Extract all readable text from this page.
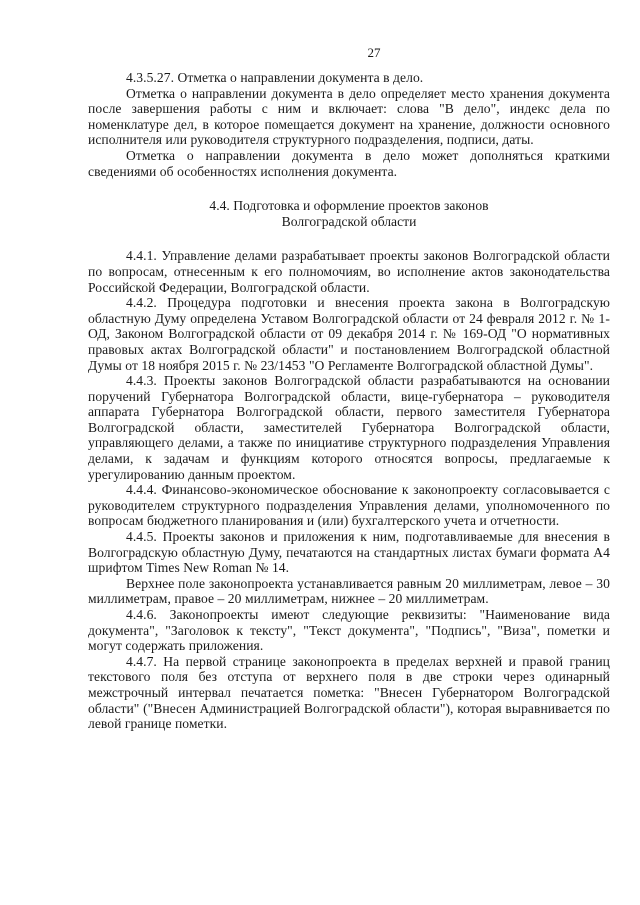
27

4.3.5.27. Отметка о направлении документа в дело.

Отметка о направлении документа в дело определяет место хранения документа после завершения работы с ним и включает: слова "В дело", индекс дела по номенклатуре дел, в которое помещается документ на хранение, должности основного исполнителя или руководителя структурного подразделения, подписи, даты.

Отметка о направлении документа в дело может дополняться краткими сведениями об особенностях исполнения документа.

4.4. Подготовка и оформление проектов законов
Волгоградской области

4.4.1. Управление делами разрабатывает проекты законов Волгоградской области по вопросам, отнесенным к его полномочиям, во исполнение актов законодательства Российской Федерации, Волгоградской области.

4.4.2. Процедура подготовки и внесения проекта закона в Волгоградскую областную Думу определена Уставом Волгоградской области от 24 февраля 2012 г. № 1-ОД, Законом Волгоградской области от 09 декабря 2014 г. № 169-ОД "О нормативных правовых актах Волгоградской области" и постановлением Волгоградской областной Думы от 18 ноября 2015 г. № 23/1453 "О Регламенте Волгоградской областной Думы".

4.4.3. Проекты законов Волгоградской области разрабатываются на основании поручений Губернатора Волгоградской области, вице-губернатора – руководителя аппарата Губернатора Волгоградской области, первого заместителя Губернатора Волгоградской области, заместителей Губернатора Волгоградской области, управляющего делами, а также по инициативе структурного подразделения Управления делами, к задачам и функциям которого относятся вопросы, предлагаемые к урегулированию данным проектом.

4.4.4. Финансово-экономическое обоснование к законопроекту согласовывается с руководителем структурного подразделения Управления делами, уполномоченного по вопросам бюджетного планирования и (или) бухгалтерского учета и отчетности.

4.4.5. Проекты законов и приложения к ним, подготавливаемые для внесения в Волгоградскую областную Думу, печатаются на стандартных листах бумаги формата А4 шрифтом Times New Roman № 14.

Верхнее поле законопроекта устанавливается равным 20 миллиметрам, левое – 30 миллиметрам, правое – 20 миллиметрам, нижнее – 20 миллиметрам.

4.4.6. Законопроекты имеют следующие реквизиты: "Наименование вида документа", "Заголовок к тексту", "Текст документа", "Подпись", "Виза", пометки и могут содержать приложения.

4.4.7. На первой странице законопроекта в пределах верхней и правой границ текстового поля без отступа от верхнего поля в две строки через одинарный межстрочный интервал печатается пометка: "Внесен Губернатором Волгоградской области" ("Внесен Администрацией Волгоградской области"), которая выравнивается по левой границе пометки.
